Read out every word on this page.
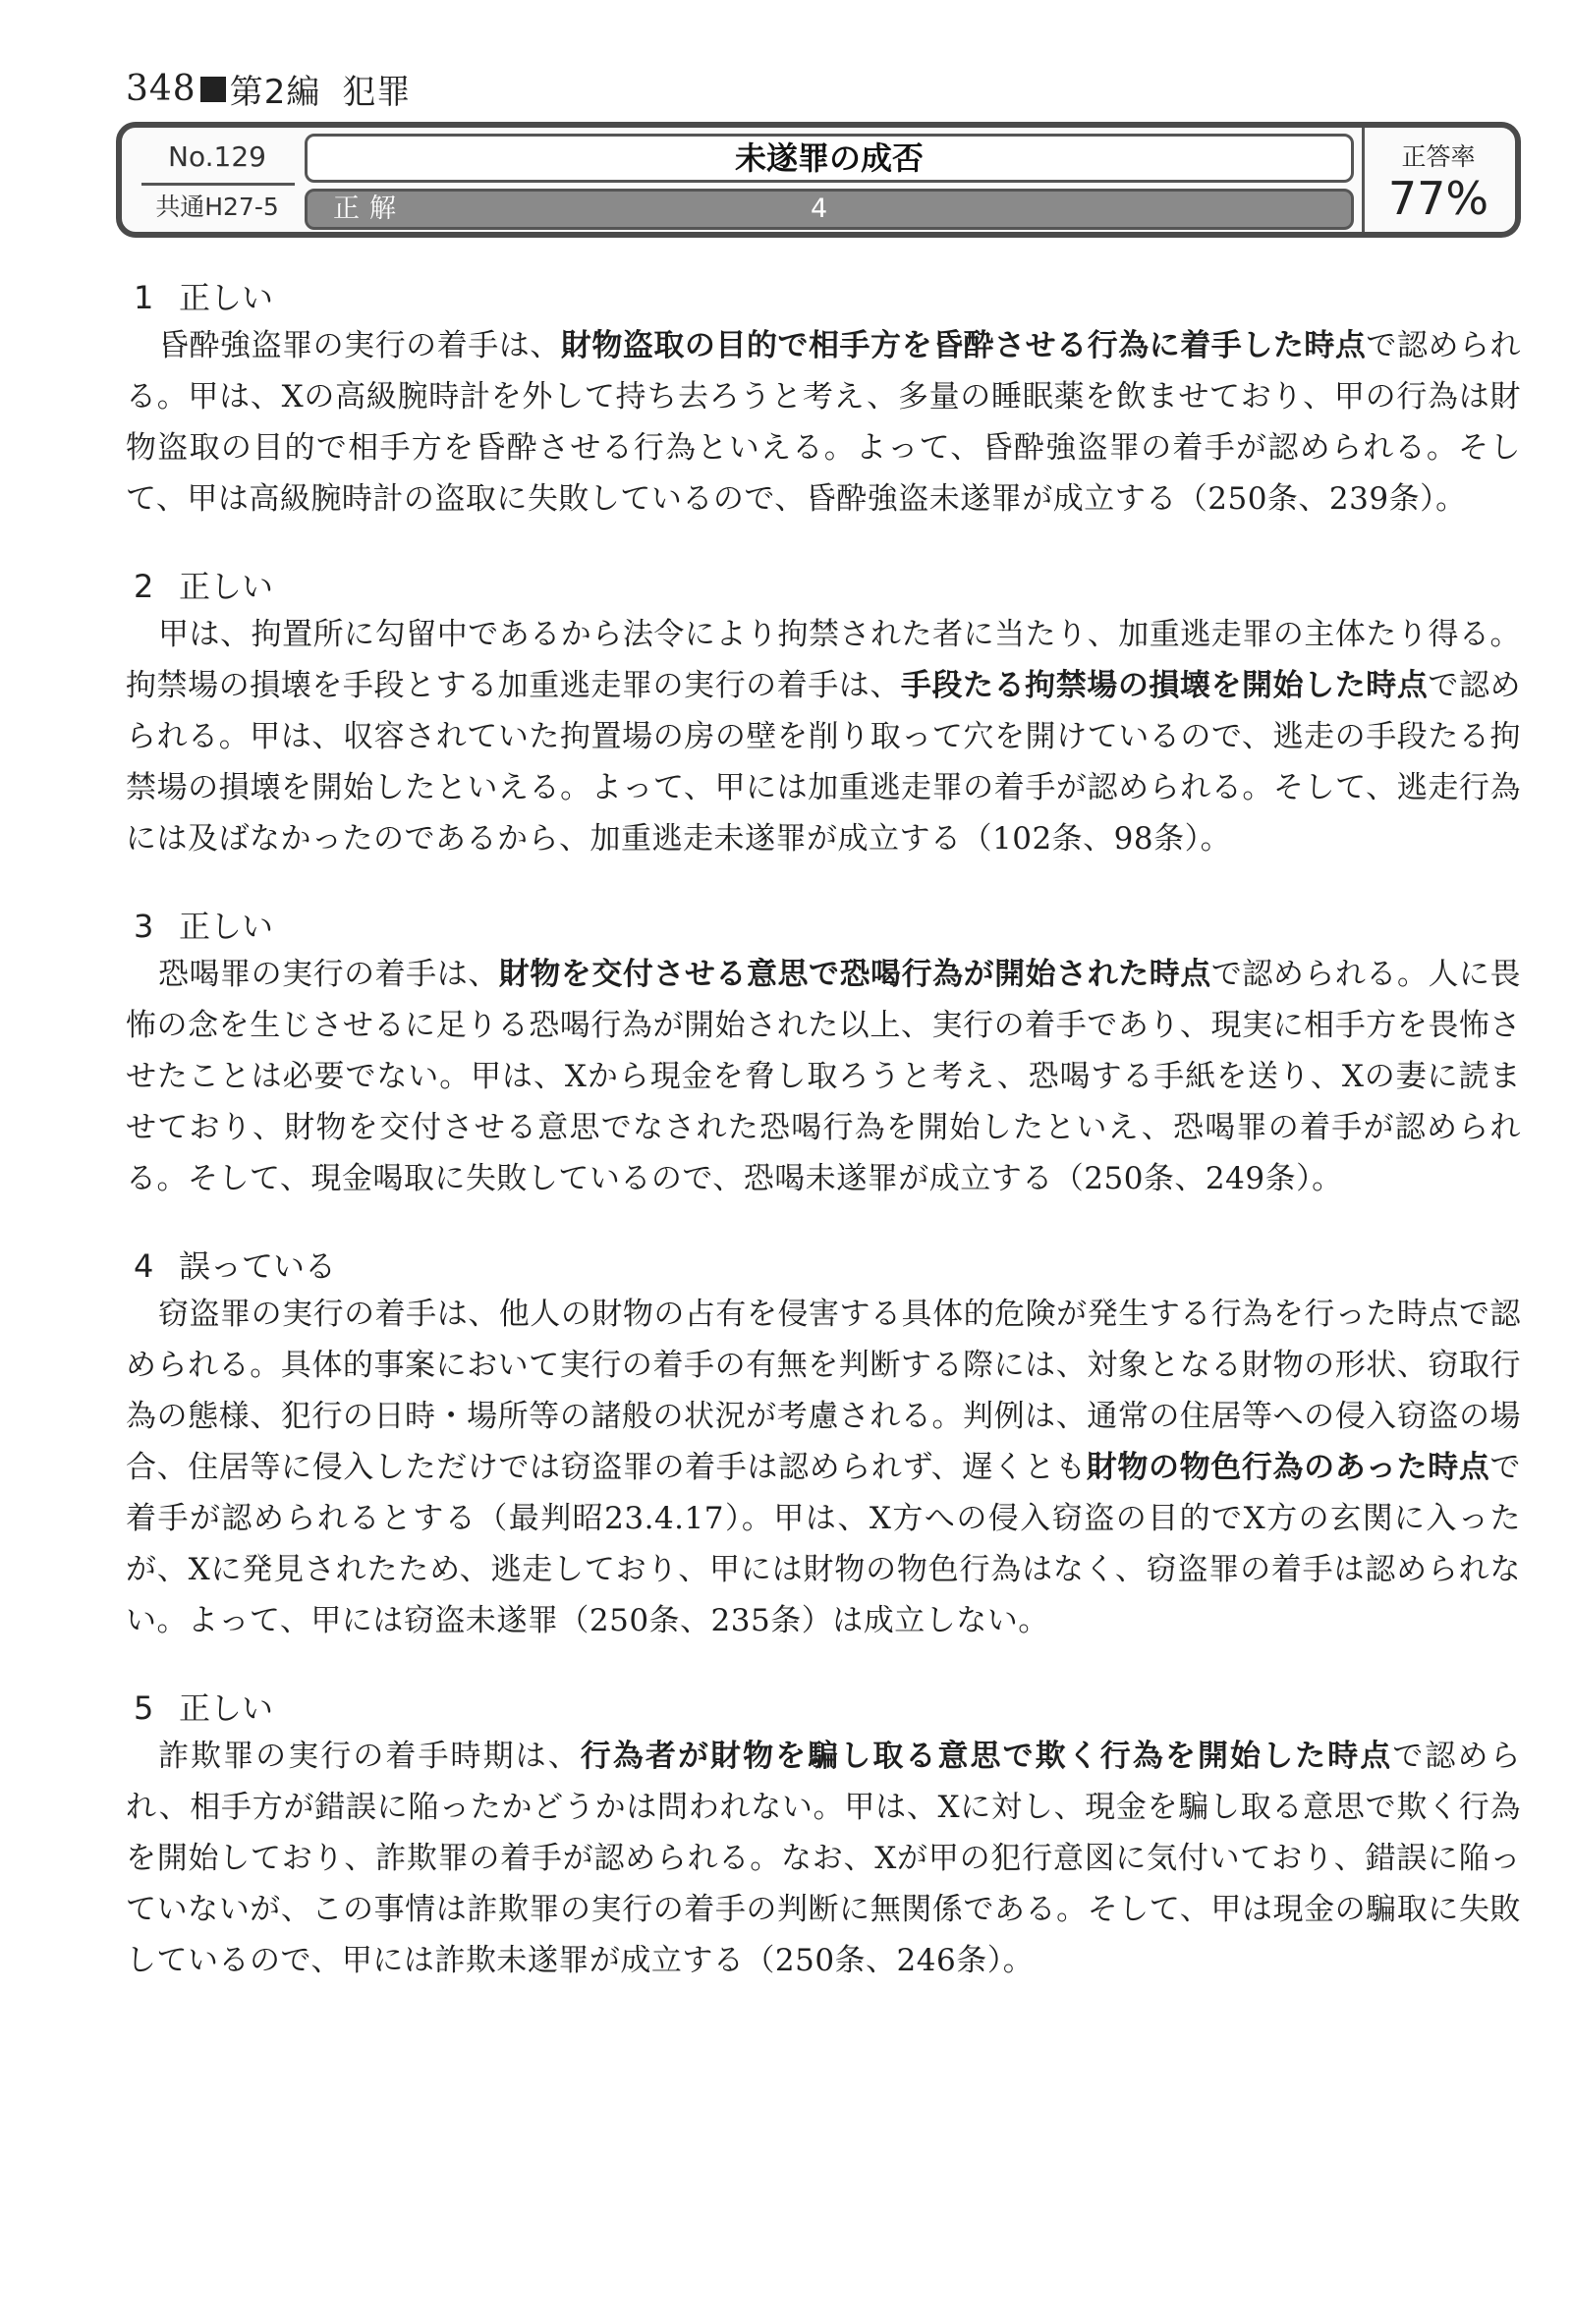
348 第2編 犯罪
No.129
共通H27-5
未遂罪の成否
正解	4
正答率
77%
1 正しい
昏酔強盗罪の実行の着手は、財物盗取の目的で相手方を昏酔させる行為に着手した時点で認められる。甲は、Xの高級腕時計を外して持ち去ろうと考え、多量の睡眠薬を飲ませており、甲の行為は財物盗取の目的で相手方を昏酔させる行為といえる。よって、昏酔強盗罪の着手が認められる。そして、甲は高級腕時計の盗取に失敗しているので、昏酔強盗未遂罪が成立する（250条、239条）。
2 正しい
甲は、拘置所に勾留中であるから法令により拘禁された者に当たり、加重逃走罪の主体たり得る。拘禁場の損壊を手段とする加重逃走罪の実行の着手は、手段たる拘禁場の損壊を開始した時点で認められる。甲は、収容されていた拘置場の房の壁を削り取って穴を開けているので、逃走の手段たる拘禁場の損壊を開始したといえる。よって、甲には加重逃走罪の着手が認められる。そして、逃走行為には及ばなかったのであるから、加重逃走未遂罪が成立する（102条、98条）。
3 正しい
恐喝罪の実行の着手は、財物を交付させる意思で恐喝行為が開始された時点で認められる。人に畏怖の念を生じさせるに足りる恐喝行為が開始された以上、実行の着手であり、現実に相手方を畏怖させたことは必要でない。甲は、Xから現金を脅し取ろうと考え、恐喝する手紙を送り、Xの妻に読ませており、財物を交付させる意思でなされた恐喝行為を開始したといえ、恐喝罪の着手が認められる。そして、現金喝取に失敗しているので、恐喝未遂罪が成立する（250条、249条）。
4 誤っている
窃盗罪の実行の着手は、他人の財物の占有を侵害する具体的危険が発生する行為を行った時点で認められる。具体的事案において実行の着手の有無を判断する際には、対象となる財物の形状、窃取行為の態様、犯行の日時・場所等の諸般の状況が考慮される。判例は、通常の住居等への侵入窃盗の場合、住居等に侵入しただけでは窃盗罪の着手は認められず、遅くとも財物の物色行為のあった時点で着手が認められるとする（最判昭23.4.17）。甲は、X方への侵入窃盗の目的でX方の玄関に入ったが、Xに発見されたため、逃走しており、甲には財物の物色行為はなく、窃盗罪の着手は認められない。よって、甲には窃盗未遂罪（250条、235条）は成立しない。
5 正しい
詐欺罪の実行の着手時期は、行為者が財物を騙し取る意思で欺く行為を開始した時点で認められ、相手方が錯誤に陥ったかどうかは問われない。甲は、Xに対し、現金を騙し取る意思で欺く行為を開始しており、詐欺罪の着手が認められる。なお、Xが甲の犯行意図に気付いており、錯誤に陥っていないが、この事情は詐欺罪の実行の着手の判断に無関係である。そして、甲は現金の騙取に失敗しているので、甲には詐欺未遂罪が成立する（250条、246条）。
